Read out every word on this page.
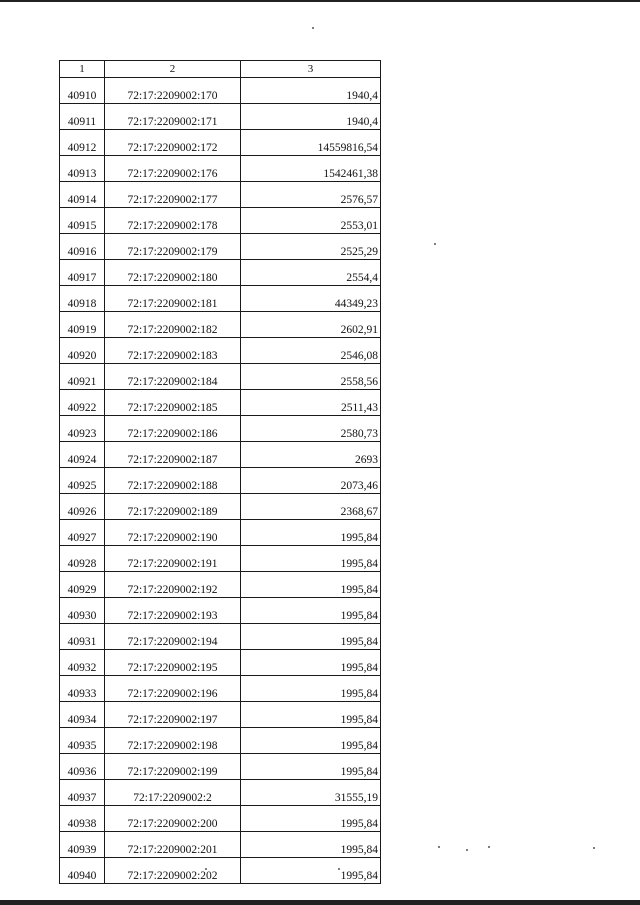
1	2	3
40910	72:17:2209002:170	1940,4
40911	72:17:2209002:171	1940,4
40912	72:17:2209002:172	14559816,54
40913	72:17:2209002:176	1542461,38
40914	72:17:2209002:177	2576,57
40915	72:17:2209002:178	2553,01
40916	72:17:2209002:179	2525,29
40917	72:17:2209002:180	2554,4
40918	72:17:2209002:181	44349,23
40919	72:17:2209002:182	2602,91
40920	72:17:2209002:183	2546,08
40921	72:17:2209002:184	2558,56
40922	72:17:2209002:185	2511,43
40923	72:17:2209002:186	2580,73
40924	72:17:2209002:187	2693
40925	72:17:2209002:188	2073,46
40926	72:17:2209002:189	2368,67
40927	72:17:2209002:190	1995,84
40928	72:17:2209002:191	1995,84
40929	72:17:2209002:192	1995,84
40930	72:17:2209002:193	1995,84
40931	72:17:2209002:194	1995,84
40932	72:17:2209002:195	1995,84
40933	72:17:2209002:196	1995,84
40934	72:17:2209002:197	1995,84
40935	72:17:2209002:198	1995,84
40936	72:17:2209002:199	1995,84
40937	72:17:2209002:2	31555,19
40938	72:17:2209002:200	1995,84
40939	72:17:2209002:201	1995,84
40940	72:17:2209002:202	1995,84
